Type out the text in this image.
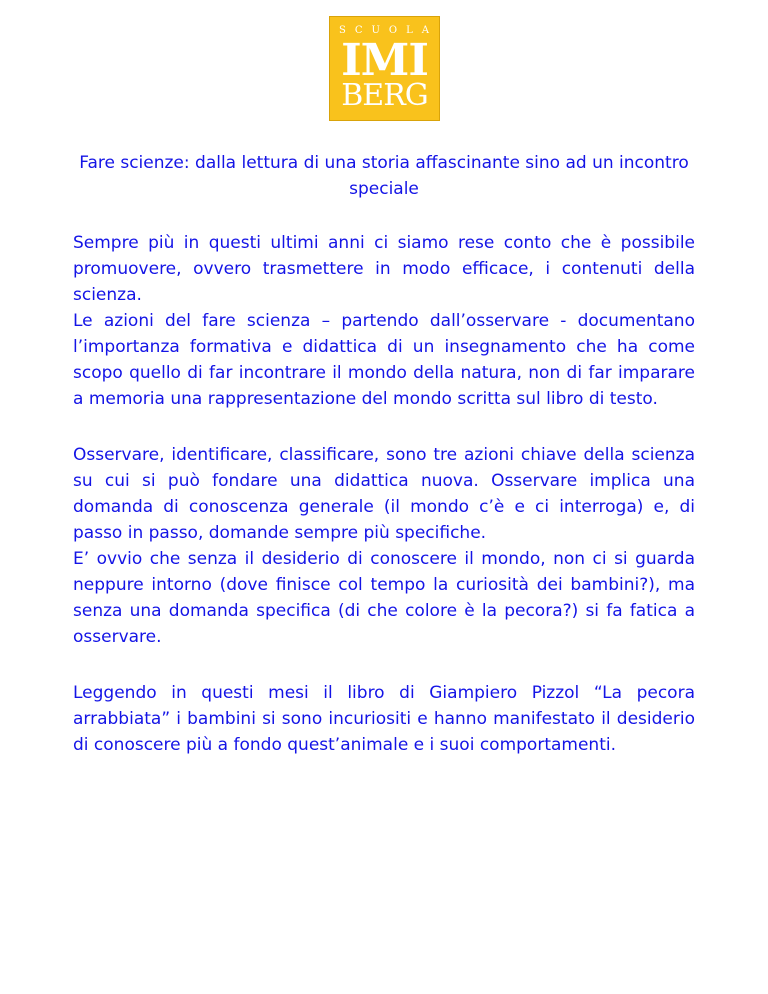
SCUOLA
IMI
BERG
Fare scienze: dalla lettura di una storia affascinante sino ad un incontro speciale

Sempre più in questi ultimi anni ci siamo rese conto che è possibile promuovere, ovvero trasmettere in modo efficace, i contenuti della scienza.

Le azioni del fare scienza – partendo dall’osservare - documentano l’importanza formativa e didattica di un insegnamento che ha come scopo quello di far incontrare il mondo della natura, non di far imparare a memoria una rappresentazione del mondo scritta sul libro di testo.

Osservare, identificare, classificare, sono tre azioni chiave della scienza su cui si può fondare una didattica nuova. Osservare implica una domanda di conoscenza generale (il mondo c’è e ci interroga) e, di passo in passo, domande sempre più specifiche.

E’ ovvio che senza il desiderio di conoscere il mondo, non ci si guarda neppure intorno (dove finisce col tempo la curiosità dei bambini?), ma senza una domanda specifica (di che colore è la pecora?) si fa fatica a osservare.

Leggendo in questi mesi il libro di Giampiero Pizzol “La pecora arrabbiata” i bambini si sono incuriositi e hanno manifestato il desiderio di conoscere più a fondo quest’animale e i suoi comportamenti.
